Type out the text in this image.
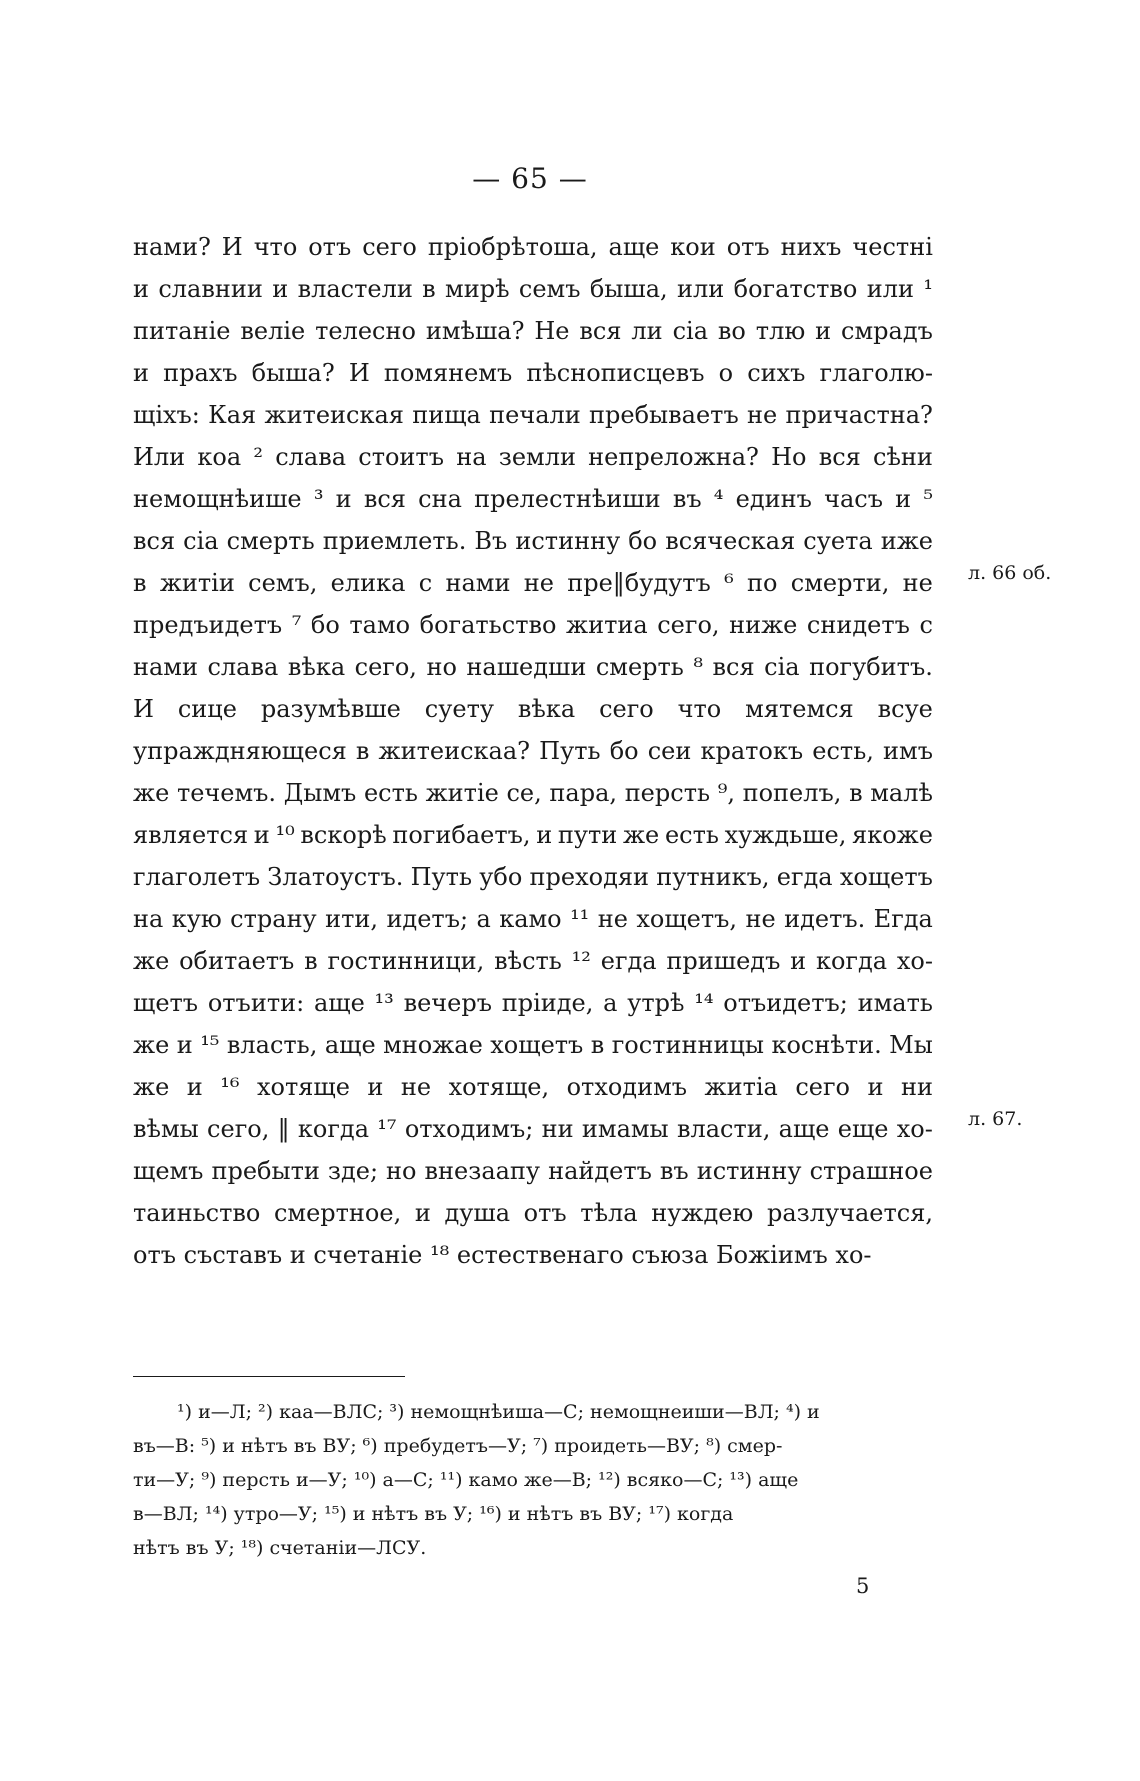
— 65 —
нами? И что отъ сего пріобрѣтоша, аще кои отъ нихъ честні
и славнии и властели в мирѣ семъ быша, или богатство или ¹
питаніе веліе телесно имѣша? Не вся ли сіа во тлю и смрадъ
и прахъ быша? И помянемъ пѣснописцевъ о сихъ глаголю-
щіхъ: Кая житеиская пища печали пребываетъ не причастна?
Или коа ² слава стоитъ на земли непреложна? Но вся сѣни
немощнѣише ³ и вся сна прелестнѣиши въ ⁴ единъ часъ и ⁵
вся сіа смерть приемлеть. Въ истинну бо всяческая суета иже
в житіи семъ, елика с нами не пре‖будутъ ⁶ по смерти, не
предъидетъ ⁷ бо тамо богатьство житиа сего, ниже снидетъ с
нами слава вѣка сего, но нашедши смерть ⁸ вся сіа погубитъ.
И сице разумѣвше суету вѣка сего что мятемся всуе
упраждняющеся в житеискаа? Путь бо сеи кратокъ есть, имъ
же течемъ. Дымъ есть житіе се, пара, персть ⁹, попелъ, в малѣ
является и ¹⁰ вскорѣ погибаетъ, и пути же есть хуждьше, якоже
глаголетъ Златоустъ. Путь убо преходяи путникъ, егда хощетъ
на кую страну ити, идетъ; а камо ¹¹ не хощетъ, не идетъ. Егда
же обитаетъ в гостинници, вѣсть ¹² егда пришедъ и когда хо-
щетъ отъити: аще ¹³ вечеръ пріиде, а утрѣ ¹⁴ отъидетъ; имать
же и ¹⁵ власть, аще множае хощетъ в гостинницы коснѣти. Мы
же и ¹⁶ хотяще и не хотяще, отходимъ житіа сего и ни
вѣмы сего, ‖ когда ¹⁷ отходимъ; ни имамы власти, аще еще хо-
щемъ пребыти зде; но внезаапу найдетъ въ истинну страшное
таиньство смертное, и душа отъ тѣла нуждею разлучается,
отъ съставъ и счетаніе ¹⁸ естественаго съюза Божіимъ хо-
л. 66 об.
л. 67.
¹) и—Л; ²) каа—ВЛС; ³) немощнѣиша—С; немощнеиши—ВЛ; ⁴) и
въ—В: ⁵) и нѣтъ въ ВУ; ⁶) пребудетъ—У; ⁷) проидеть—ВУ; ⁸) смер-
ти—У; ⁹) персть и—У; ¹⁰) а—С; ¹¹) камо же—В; ¹²) всяко—С; ¹³) аще
в—ВЛ; ¹⁴) утро—У; ¹⁵) и нѣтъ въ У; ¹⁶) и нѣтъ въ ВУ; ¹⁷) когда
нѣтъ въ У; ¹⁸) счетаніи—ЛСУ.
5
